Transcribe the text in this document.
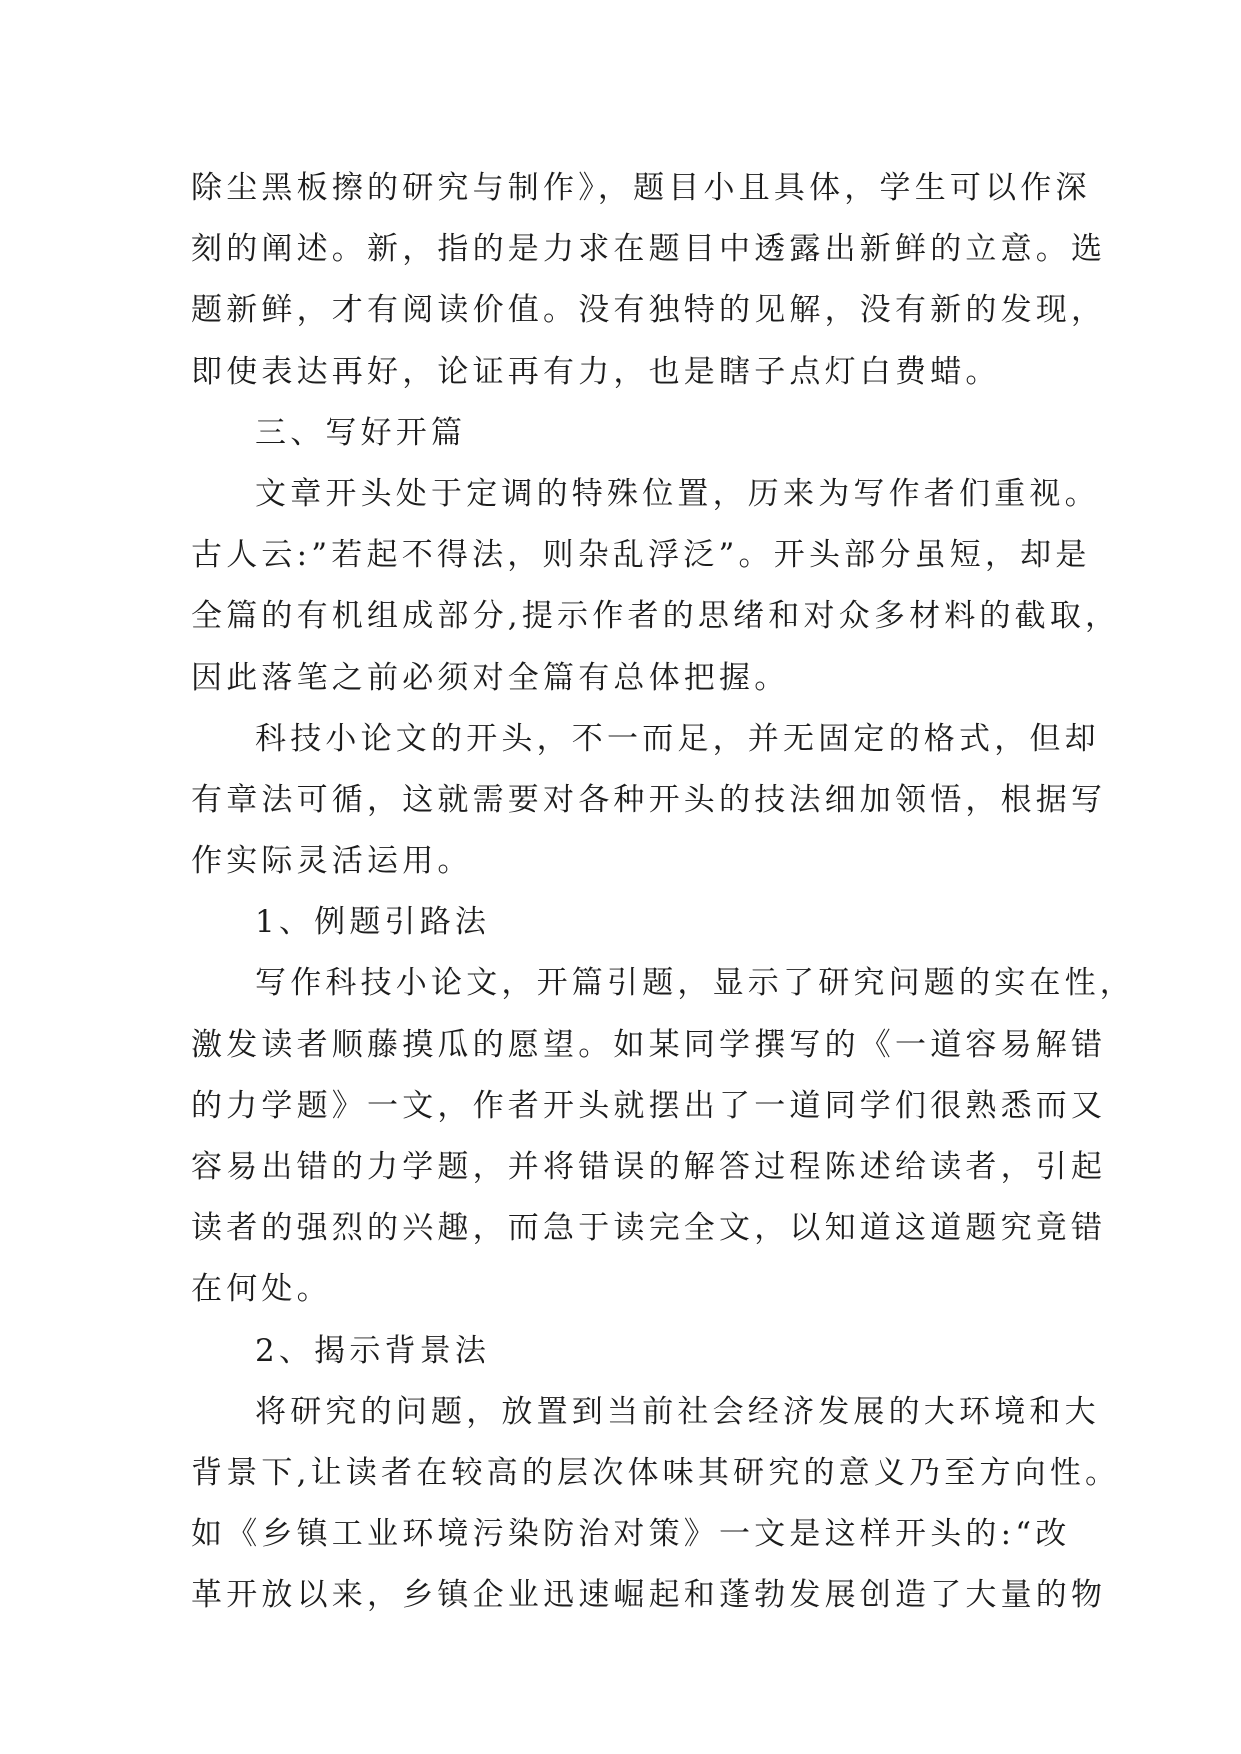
除尘黑板擦的研究与制作》，题目小且具体，学生可以作深
刻的阐述。新，指的是力求在题目中透露出新鲜的立意。选
题新鲜，才有阅读价值。没有独特的见解，没有新的发现，
即使表达再好，论证再有力，也是瞎子点灯白费蜡。
三、写好开篇
文章开头处于定调的特殊位置，历来为写作者们重视。
古人云:”若起不得法，则杂乱浮泛”。开头部分虽短，却是
全篇的有机组成部分,提示作者的思绪和对众多材料的截取，
因此落笔之前必须对全篇有总体把握。
科技小论文的开头，不一而足，并无固定的格式，但却
有章法可循，这就需要对各种开头的技法细加领悟，根据写
作实际灵活运用。
1、例题引路法
写作科技小论文，开篇引题，显示了研究问题的实在性，
激发读者顺藤摸瓜的愿望。如某同学撰写的《一道容易解错
的力学题》一文，作者开头就摆出了一道同学们很熟悉而又
容易出错的力学题，并将错误的解答过程陈述给读者，引起
读者的强烈的兴趣，而急于读完全文，以知道这道题究竟错
在何处。
2、揭示背景法
将研究的问题，放置到当前社会经济发展的大环境和大
背景下,让读者在较高的层次体味其研究的意义乃至方向性。
如《乡镇工业环境污染防治对策》一文是这样开头的:“改
革开放以来，乡镇企业迅速崛起和蓬勃发展创造了大量的物
